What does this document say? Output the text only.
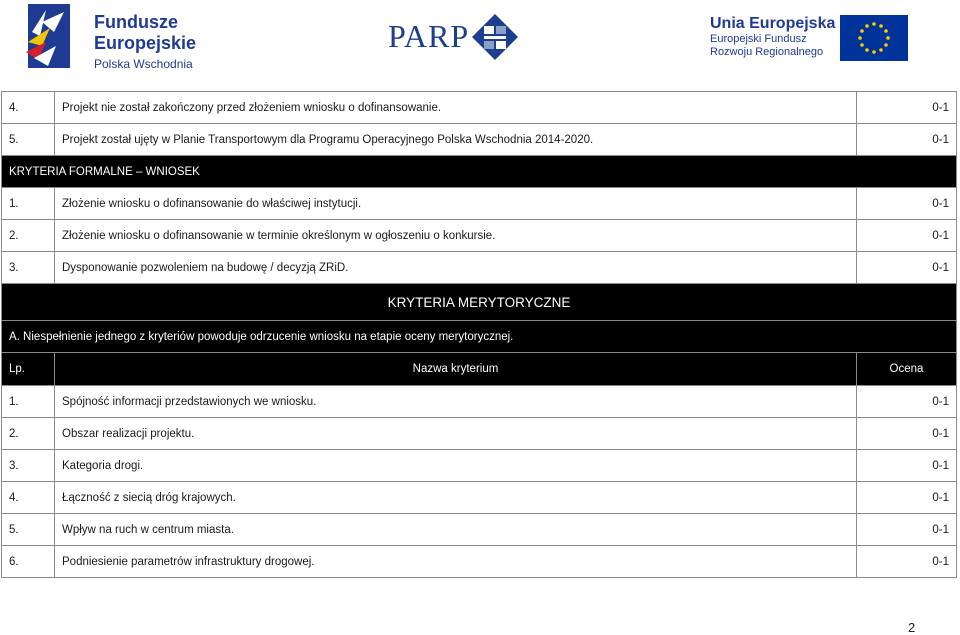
Fundusze
Europejskie
Polska Wschodnia
PARP	Unia Europejska
Europejski Fundusz
Rozwoju Regionalnego
4.	Projekt nie został zakończony przed złożeniem wniosku o dofinansowanie.	0-1
5.	Projekt został ujęty w Planie Transportowym dla Programu Operacyjnego Polska Wschodnia 2014-2020.	0-1
KRYTERIA FORMALNE – WNIOSEK		
1.	Złożenie wniosku o dofinansowanie do właściwej instytucji.	0-1
2.	Złożenie wniosku o dofinansowanie w terminie określonym w ogłoszeniu o konkursie.	0-1
3.	Dysponowanie pozwoleniem na budowę / decyzją ZRiD.	0-1
KRYTERIA MERYTORYCZNE		
A. Niespełnienie jednego z kryteriów powoduje odrzucenie wniosku na etapie oceny merytorycznej.		
Lp.	Nazwa kryterium	Ocena
1.	Spójność informacji przedstawionych we wniosku.	0-1
2.	Obszar realizacji projektu.	0-1
3.	Kategoria drogi.	0-1
4.	Łączność z siecią dróg krajowych.	0-1
5.	Wpływ na ruch w centrum miasta.	0-1
6.	Podniesienie parametrów infrastruktury drogowej.	0-1
2
